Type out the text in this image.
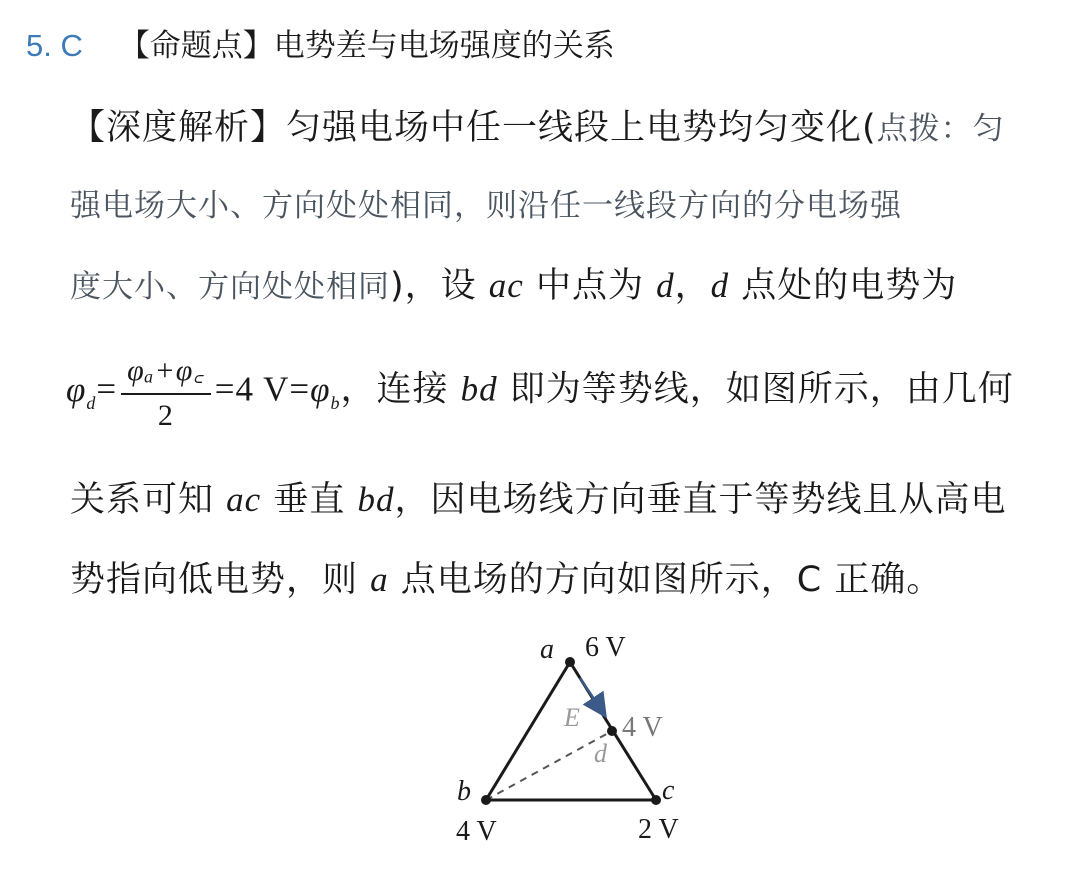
5. C 【命题点】电势差与电场强度的关系
【深度解析】匀强电场中任一线段上电势均匀变化(点拨：匀
强电场大小、方向处处相同，则沿任一线段方向的分电场强
度大小、方向处处相同)，设 ac 中点为 d，d 点处的电势为
$\varphi_d= \frac{\text{φₐ+φ꜀}}{2} =4$ $V=\varphi_b$，连接 bd 即为等势线，如图所示，由几何
关系可知 ac 垂直 bd，因电场线方向垂直于等势线且从高电
势指向低电势，则 a 点电场的方向如图所示，C 正确。
a 6 V
b
4 V
c
2 V
d
4 V
E
